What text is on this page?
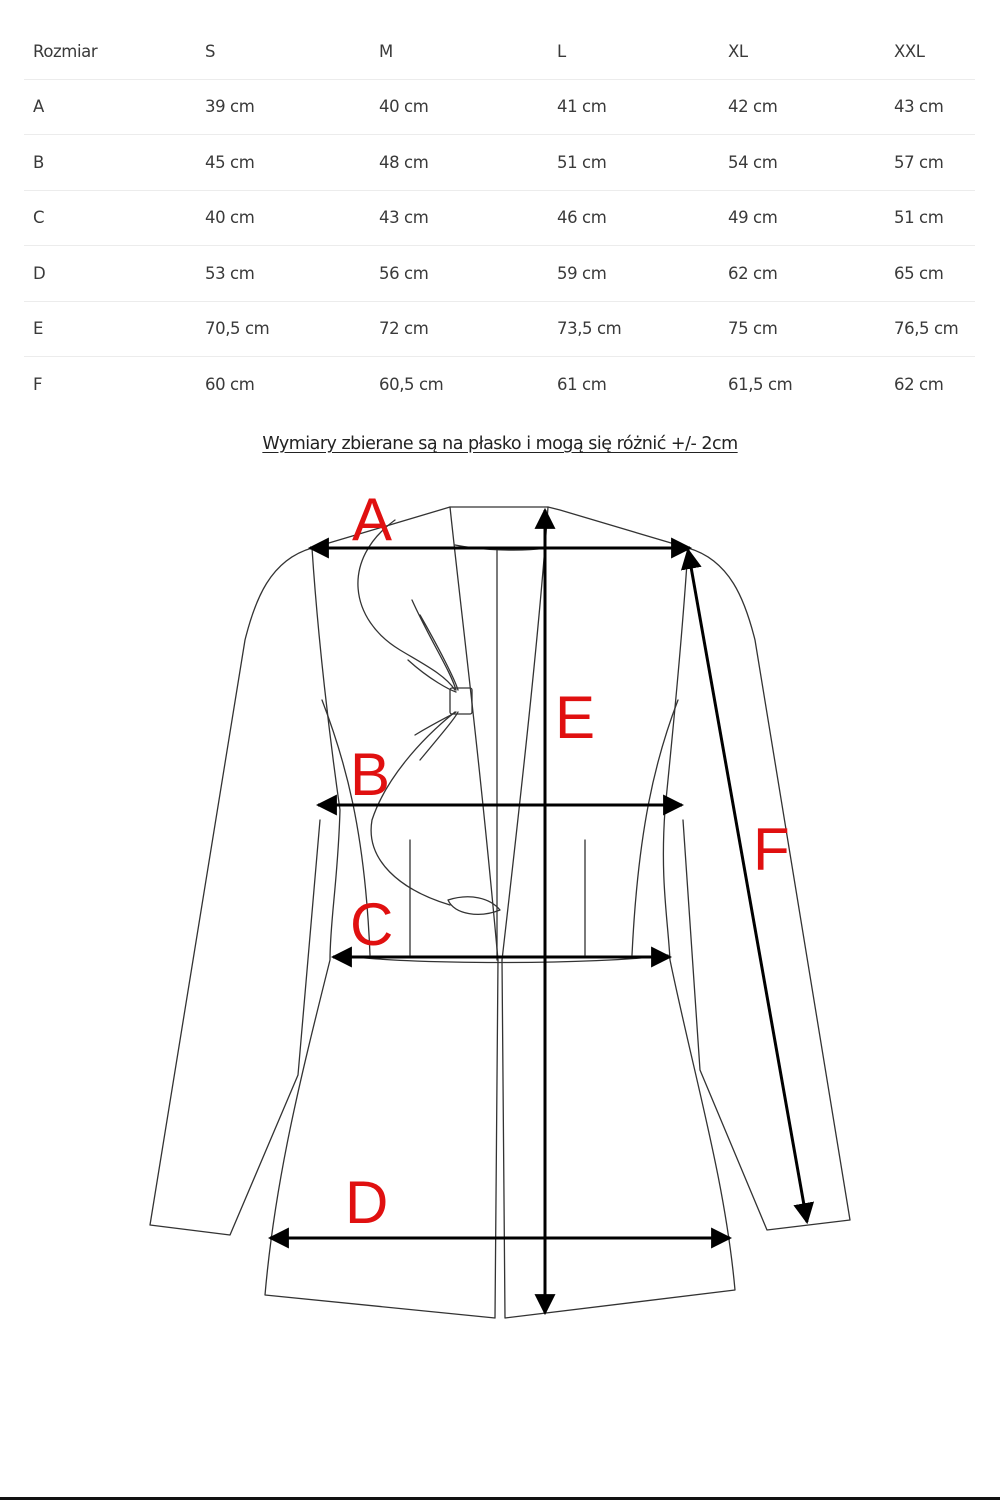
Rozmiar	S	M	L	XL	XXL
A	39 cm	40 cm	41 cm	42 cm	43 cm
B	45 cm	48 cm	51 cm	54 cm	57 cm
C	40 cm	43 cm	46 cm	49 cm	51 cm
D	53 cm	56 cm	59 cm	62 cm	65 cm
E	70,5 cm	72 cm	73,5 cm	75 cm	76,5 cm
F	60 cm	60,5 cm	61 cm	61,5 cm	62 cm
Wymiary zbierane są na płasko i mogą się różnić +/- 2cm
A
B
C
D
E
F
